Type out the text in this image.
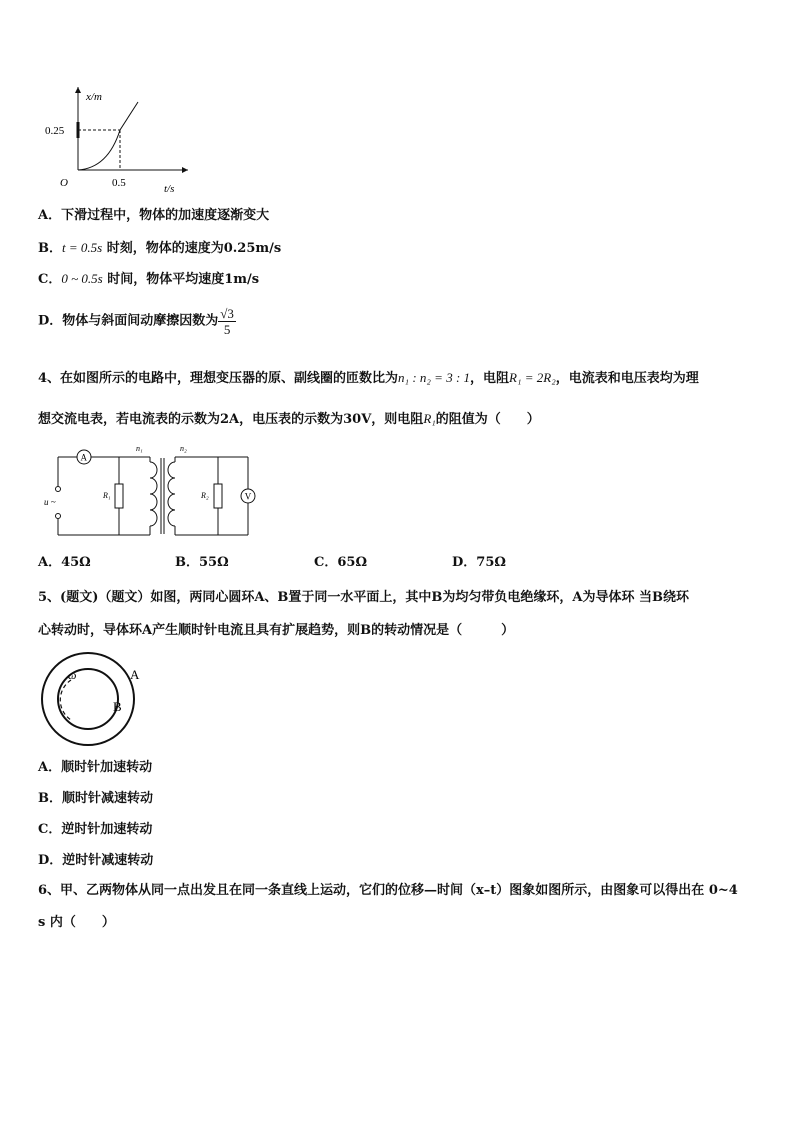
x/m
0.25
0.5
O	t/s
A．下滑过程中，物体的加速度逐渐变大
B．t = 0.5s 时刻，物体的速度为0.25m/s
C．0 ~ 0.5s 时间，物体平均速度1m/s
D．物体与斜面间动摩擦因数为 $\frac{√3}{5}$
4、在如图所示的电路中，理想变压器的原、副线圈的匝数比为n₁ : n₂ = 3 : 1，电阻R₁ = 2R₂，电流表和电压表均为理
想交流电表，若电流表的示数为2A，电压表的示数为30V，则电阻R₁的阻值为（　　）
A
u ~
R₁
n₁	n₂
R₂	V
A．45Ω	B．55Ω	C．65Ω	D．75Ω
5、(题文)（题文）如图，两同心圆环A、B置于同一水平面上，其中B为均匀带负电绝缘环，A为导体环 当B绕环
心转动时，导体环A产生顺时针电流且具有扩展趋势，则B的转动情况是（　　　）
ω	A
B
A．顺时针加速转动
B．顺时针减速转动
C．逆时针加速转动
D．逆时针减速转动
6、甲、乙两物体从同一点出发且在同一条直线上运动，它们的位移—时间（x–t）图象如图所示，由图象可以得出在 0~4
s 内（　　）
